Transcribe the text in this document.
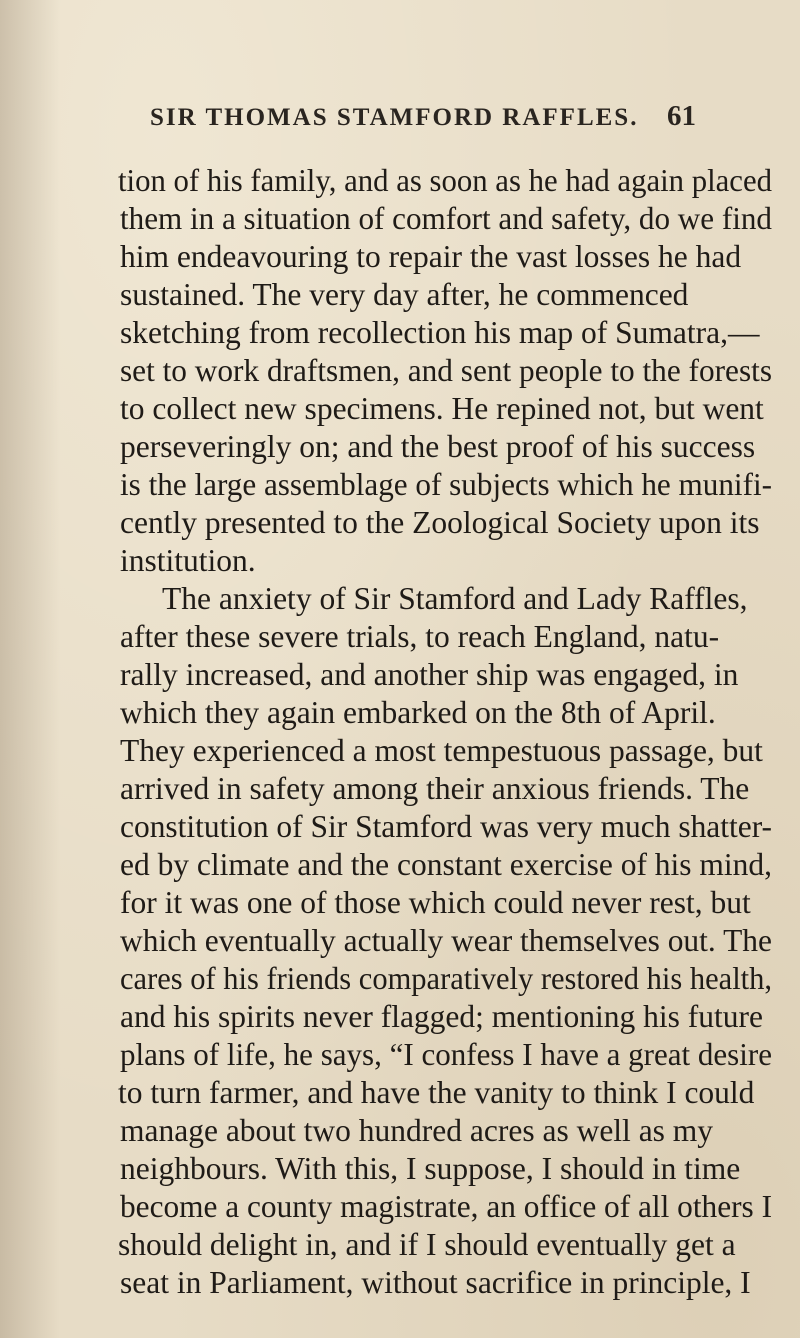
SIR THOMAS STAMFORD RAFFLES. 61
tion of his family, and as soon as he had again placed
them in a situation of comfort and safety, do we find
him endeavouring to repair the vast losses he had
sustained. The very day after, he commenced
sketching from recollection his map of Sumatra,—
set to work draftsmen, and sent people to the forests
to collect new specimens. He repined not, but went
perseveringly on; and the best proof of his success
is the large assemblage of subjects which he munifi-
cently presented to the Zoological Society upon its
institution.
The anxiety of Sir Stamford and Lady Raffles,
after these severe trials, to reach England, natu-
rally increased, and another ship was engaged, in
which they again embarked on the 8th of April.
They experienced a most tempestuous passage, but
arrived in safety among their anxious friends. The
constitution of Sir Stamford was very much shatter-
ed by climate and the constant exercise of his mind,
for it was one of those which could never rest, but
which eventually actually wear themselves out. The
cares of his friends comparatively restored his health,
and his spirits never flagged; mentioning his future
plans of life, he says, “I confess I have a great desire
to turn farmer, and have the vanity to think I could
manage about two hundred acres as well as my
neighbours. With this, I suppose, I should in time
become a county magistrate, an office of all others I
should delight in, and if I should eventually get a
seat in Parliament, without sacrifice in principle, I
